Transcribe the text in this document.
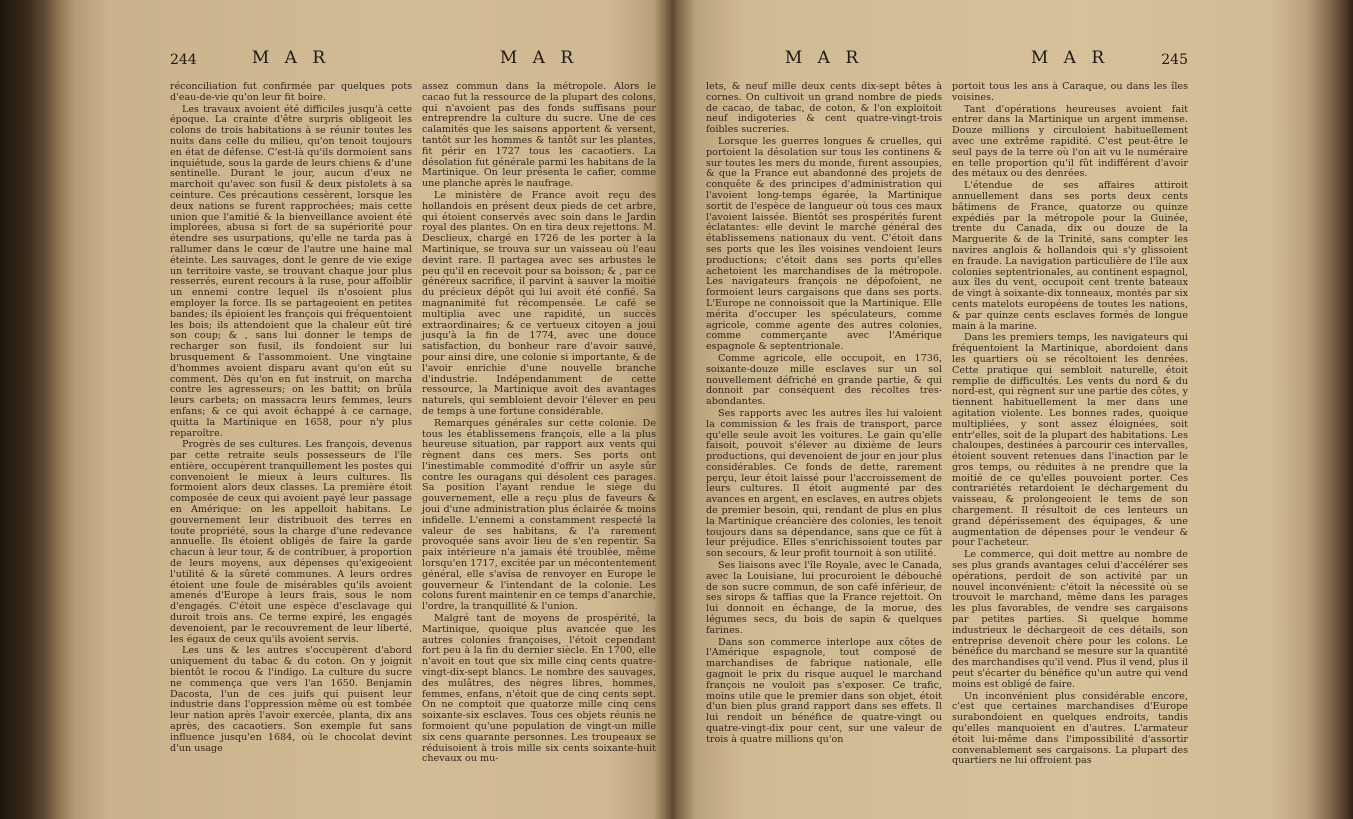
244	M A R

réconciliation fut confirmée par quelques pots d'eau-de-vie qu'on leur fit boire.

Les travaux avoient été difficiles jusqu'à cette époque. La crainte d'être surpris obligeoit les colons de trois habitations à se réunir toutes les nuits dans celle du milieu, qu'on tenoit toujours en état de défense. C'est-là qu'ils dormoient sans inquiétude, sous la garde de leurs chiens & d'une sentinelle. Durant le jour, aucun d'eux ne marchoit qu'avec son fusil & deux pistolets à sa ceinture. Ces précautions cessèrent, lorsque les deux nations se furent rapprochées; mais cette union que l'amitié & la bienveillance avoient été implorées, abusa si fort de sa supériorité pour étendre ses usurpations, qu'elle ne tarda pas à rallumer dans le cœur de l'autre une haine mal éteinte. Les sauvages, dont le genre de vie exige un territoire vaste, se trouvant chaque jour plus resserrés, eurent recours à la ruse, pour affoiblir un ennemi contre lequel ils n'osoient plus employer la force. Ils se partageoient en petites bandes; ils épioient les françois qui fréquentoient les bois; ils attendoient que la chaleur eût tiré son coup; & , sans lui donner le temps de recharger son fusil, ils fondoient sur lui brusquement & l'assommoient. Une vingtaine d'hommes avoient disparu avant qu'on eût su comment. Dès qu'on en fut instruit, on marcha contre les agresseurs; on les battit; on brûla leurs carbets; on massacra leurs femmes, leurs enfans; & ce qui avoit échappé à ce carnage, quitta la Martinique en 1658, pour n'y plus reparoître.

Progrès de ses cultures. Les françois, devenus par cette retraite seuls possesseurs de l'île entière, occupèrent tranquillement les postes qui convenoient le mieux à leurs cultures. Ils formoient alors deux classes. La première étoit composée de ceux qui avoient payé leur passage en Amérique: on les appelloit habitans. Le gouvernement leur distribuoit des terres en toute propriété, sous la charge d'une redevance annuelle. Ils étoient obligés de faire la garde chacun à leur tour, & de contribuer, à proportion de leurs moyens, aux dépenses qu'exigeoient l'utilité & la sûreté communes. A leurs ordres étoient une foule de misérables qu'ils avoient amenés d'Europe à leurs frais, sous le nom d'engagés. C'étoit une espèce d'esclavage qui duroit trois ans. Ce terme expiré, les engagés devenoient, par le recouvrement de leur liberté, les égaux de ceux qu'ils avoient servis.

Les uns & les autres s'occupèrent d'abord uniquement du tabac & du coton. On y joignit bientôt le rocou & l'indigo. La culture du sucre ne commença que vers l'an 1650. Benjamin Dacosta, l'un de ces juifs qui puisent leur industrie dans l'oppression même où est tombée leur nation après l'avoir exercée, planta, dix ans après, des cacaotiers. Son exemple fut sans influence jusqu'en 1684, où le chocolat devint d'un usage

M A R

assez commun dans la métropole. Alors le cacao fut la ressource de la plupart des colons, qui n'avoient pas des fonds suffisans pour entreprendre la culture du sucre. Une de ces calamités que les saisons apportent & versent, tantôt sur les hommes & tantôt sur les plantes, fit périr en 1727 tous les cacaotiers. La désolation fut générale parmi les habitans de la Martinique. On leur présenta le cafier, comme une planche après le naufrage.

Le ministère de France avoit reçu des hollandois en présent deux pieds de cet arbre, qui étoient conservés avec soin dans le Jardin royal des plantes. On en tira deux rejettons. M. Desclieux, chargé en 1726 de les porter à la Martinique, se trouva sur un vaisseau où l'eau devint rare. Il partagea avec ses arbustes le peu qu'il en recevoit pour sa boisson; & , par ce généreux sacrifice, il parvint à sauver la moitié du précieux dépôt qui lui avoit été confié. Sa magnanimité fut récompensée. Le café se multiplia avec une rapidité, un succès extraordinaires; & ce vertueux citoyen a joui jusqu'à la fin de 1774, avec une douce satisfaction, du bonheur rare d'avoir sauvé, pour ainsi dire, une colonie si importante, & de l'avoir enrichie d'une nouvelle branche d'industrie. Indépendamment de cette ressource, la Martinique avoit des avantages naturels, qui sembloient devoir l'élever en peu de temps à une fortune considérable.

Remarques générales sur cette colonie. De tous les établissemens françois, elle a la plus heureuse situation, par rapport aux vents qui règnent dans ces mers. Ses ports ont l'inestimable commodité d'offrir un asyle sûr contre les ouragans qui désolent ces parages. Sa position l'ayant rendue le siège du gouvernement, elle a reçu plus de faveurs & joui d'une administration plus éclairée & moins infidelle. L'ennemi a constamment respecté la valeur de ses habitans, & l'a rarement provoquée sans avoir lieu de s'en repentir. Sa paix intérieure n'a jamais été troublée, même lorsqu'en 1717, excitée par un mécontentement général, elle s'avisa de renvoyer en Europe le gouverneur & l'intendant de la colonie. Les colons furent maintenir en ce temps d'anarchie, l'ordre, la tranquillité & l'union.

Malgré tant de moyens de prospérité, la Martinique, quoique plus avancée que les autres colonies françoises, l'étoit cependant fort peu à la fin du dernier siècle. En 1700, elle n'avoit en tout que six mille cinq cents quatre-vingt-dix-sept blancs. Le nombre des sauvages, des mulâtres, des nègres libres, hommes, femmes, enfans, n'étoit que de cinq cents sept. On ne comptoit que quatorze mille cinq cens soixante-six esclaves. Tous ces objets réunis ne formoient qu'une population de vingt-un mille six cens quarante personnes. Les troupeaux se réduisoient à trois mille six cents soixante-huit chevaux ou mu-

M A R

lets, & neuf mille deux cents dix-sept bêtes à cornes. On cultivoit un grand nombre de pieds de cacao, de tabac, de coton, & l'on exploitoit neuf indigoteries & cent quatre-vingt-trois foibles sucreries.

Lorsque les guerres longues & cruelles, qui portoient la désolation sur tous les continens & sur toutes les mers du monde, furent assoupies, & que la France eut abandonné des projets de conquête & des principes d'administration qui l'avoient long-temps égarée, la Martinique sortit de l'espèce de langueur où tous ces maux l'avoient laissée. Bientôt ses prospérités furent éclatantes: elle devint le marché général des établissemens nationaux du vent. C'étoit dans ses ports que les îles voisines vendoient leurs productions; c'étoit dans ses ports qu'elles achetoient les marchandises de la métropole. Les navigateurs françois ne dépofoient, ne formoient leurs cargaisons que dans ses ports. L'Europe ne connoissoit que la Martinique. Elle mérita d'occuper les spéculateurs, comme agricole, comme agente des autres colonies, comme commerçante avec l'Amérique espagnole & septentrionale.

Comme agricole, elle occupoit, en 1736, soixante-douze mille esclaves sur un sol nouvellement défriché en grande partie, & qui donnoit par conséquent des récoltes très-abondantes.

Ses rapports avec les autres îles lui valoient la commission & les frais de transport, parce qu'elle seule avoit les voitures. Le gain qu'elle faisoit, pouvoit s'élever au dixième de leurs productions, qui devenoient de jour en jour plus considérables. Ce fonds de dette, rarement perçu, leur étoit laissé pour l'accroissement de leurs cultures. Il étoit augmenté par des avances en argent, en esclaves, en autres objets de premier besoin, qui, rendant de plus en plus la Martinique créancière des colonies, les tenoit toujours dans sa dépendance, sans que ce fût à leur préjudice. Elles s'enrichissoient toutes par son secours, & leur profit tournoit à son utilité.

Ses liaisons avec l'île Royale, avec le Canada, avec la Louisiane, lui procuroient le débouché de son sucre commun, de son café inférieur, de ses sirops & taffias que la France rejettoit. On lui donnoit en échange, de la morue, des légumes secs, du bois de sapin & quelques farines.

Dans son commerce interlope aux côtes de l'Amérique espagnole, tout composé de marchandises de fabrique nationale, elle gagnoit le prix du risque auquel le marchand françois ne vouloit pas s'exposer. Ce trafic, moins utile que le premier dans son objet, étoit d'un bien plus grand rapport dans ses effets. Il lui rendoit un bénéfice de quatre-vingt ou quatre-vingt-dix pour cent, sur une valeur de trois à quatre millions qu'on

M A R	245

portoit tous les ans à Caraque, ou dans les îles voisines.

Tant d'opérations heureuses avoient fait entrer dans la Martinique un argent immense. Douze millions y circuloient habituellement avec une extrême rapidité. C'est peut-être le seul pays de la terre où l'on ait vu le numéraire en telle proportion qu'il fût indifférent d'avoir des métaux ou des denrées.

L'étendue de ses affaires attiroit annuellement dans ses ports deux cents bâtimens de France, quatorze ou quinze expédiés par la métropole pour la Guinée, trente du Canada, dix ou douze de la Marguerite & de la Trinité, sans compter les navires anglois & hollandois qui s'y glissoient en fraude. La navigation particulière de l'île aux colonies septentrionales, au continent espagnol, aux îles du vent, occupoit cent trente bateaux de vingt à soixante-dix tonneaux, montés par six cents matelots européens de toutes les nations, & par quinze cents esclaves formés de longue main à la marine.

Dans les premiers temps, les navigateurs qui fréquentoient la Martinique, abordoient dans les quartiers où se récoltoient les denrées. Cette pratique qui sembloit naturelle, étoit remplie de difficultés. Les vents du nord & du nord-est, qui règnent sur une partie des côtes, y tiennent habituellement la mer dans une agitation violente. Les bonnes rades, quoique multipliées, y sont assez éloignées, soit entr'elles, soit de la plupart des habitations. Les chaloupes, destinées à parcourir ces intervalles, étoient souvent retenues dans l'inaction par le gros temps, ou réduites à ne prendre que la moitié de ce qu'elles pouvoient porter. Ces contrariétés retardoient le déchargement du vaisseau, & prolongeoient le tems de son chargement. Il résultoit de ces lenteurs un grand dépérissement des équipages, & une augmentation de dépenses pour le vendeur & pour l'acheteur.

Le commerce, qui doit mettre au nombre de ses plus grands avantages celui d'accélérer ses opérations, perdoit de son activité par un nouvel inconvénient: c'étoit la nécessité où se trouvoit le marchand, même dans les parages les plus favorables, de vendre ses cargaisons par petites parties. Si quelque homme industrieux le déchargeoit de ces détails, son entreprise devenoit chère pour les colons. Le bénéfice du marchand se mesure sur la quantité des marchandises qu'il vend. Plus il vend, plus il peut s'écarter du bénéfice qu'un autre qui vend moins est obligé de faire.

Un inconvénient plus considérable encore, c'est que certaines marchandises d'Europe surabondoient en quelques endroits, tandis qu'elles manquoient en d'autres. L'armateur étoit lui-même dans l'impossibilité d'assortir convenablement ses cargaisons. La plupart des quartiers ne lui offroient pas
